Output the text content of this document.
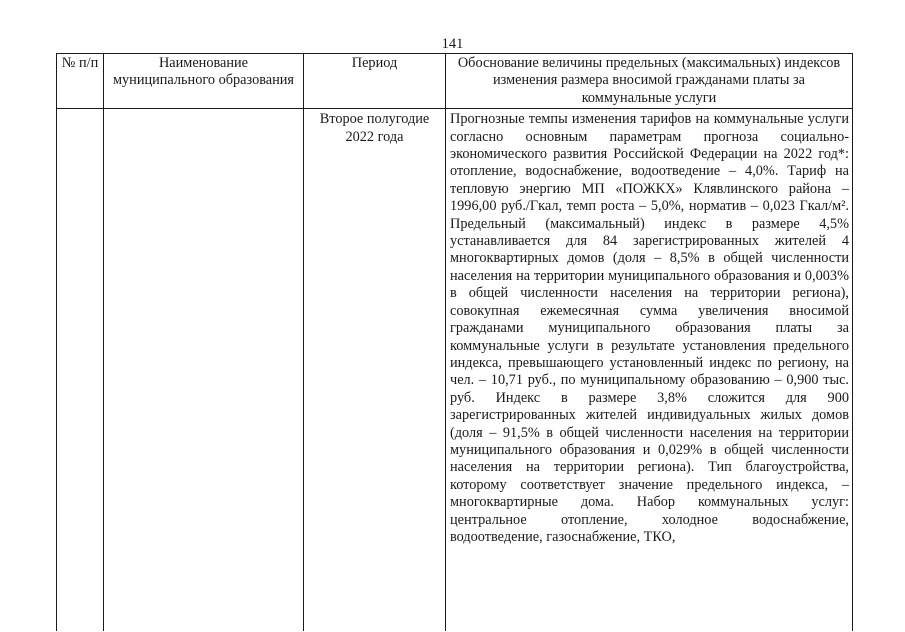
141
№ п/п	Наименование муниципального образования	Период	Обоснование величины предельных (максимальных) индексов изменения размера вносимой гражданами платы за коммунальные услуги
		Второе полугодие 2022 года	Прогнозные темпы изменения тарифов на коммунальные услуги согласно основным параметрам прогноза социально-экономического развития Российской Федерации на 2022 год*: отопление, водоснабжение, водоотведение – 4,0%. Тариф на тепловую энергию МП «ПОЖКХ» Клявлинского района – 1996,00 руб./Гкал, темп роста – 5,0%, норматив – 0,023 Гкал/м². Предельный (максимальный) индекс в размере 4,5% устанавливается для 84 зарегистрированных жителей 4 многоквартирных домов (доля – 8,5% в общей численности населения на территории муниципального образования и 0,003% в общей численности населения на территории региона), совокупная ежемесячная сумма увеличения вносимой гражданами муниципального образования платы за коммунальные услуги в результате установления предельного индекса, превышающего установленный индекс по региону, на чел. – 10,71 руб., по муниципальному образованию – 0,900 тыс. руб. Индекс в размере 3,8% сложится для 900 зарегистрированных жителей индивидуальных жилых домов (доля – 91,5% в общей численности населения на территории муниципального образования и 0,029% в общей численности населения на территории региона). Тип благоустройства, которому соответствует значение предельного индекса, – многоквартирные дома. Набор коммунальных услуг: центральное отопление, холодное водоснабжение, водоотведение, газоснабжение, ТКО,
